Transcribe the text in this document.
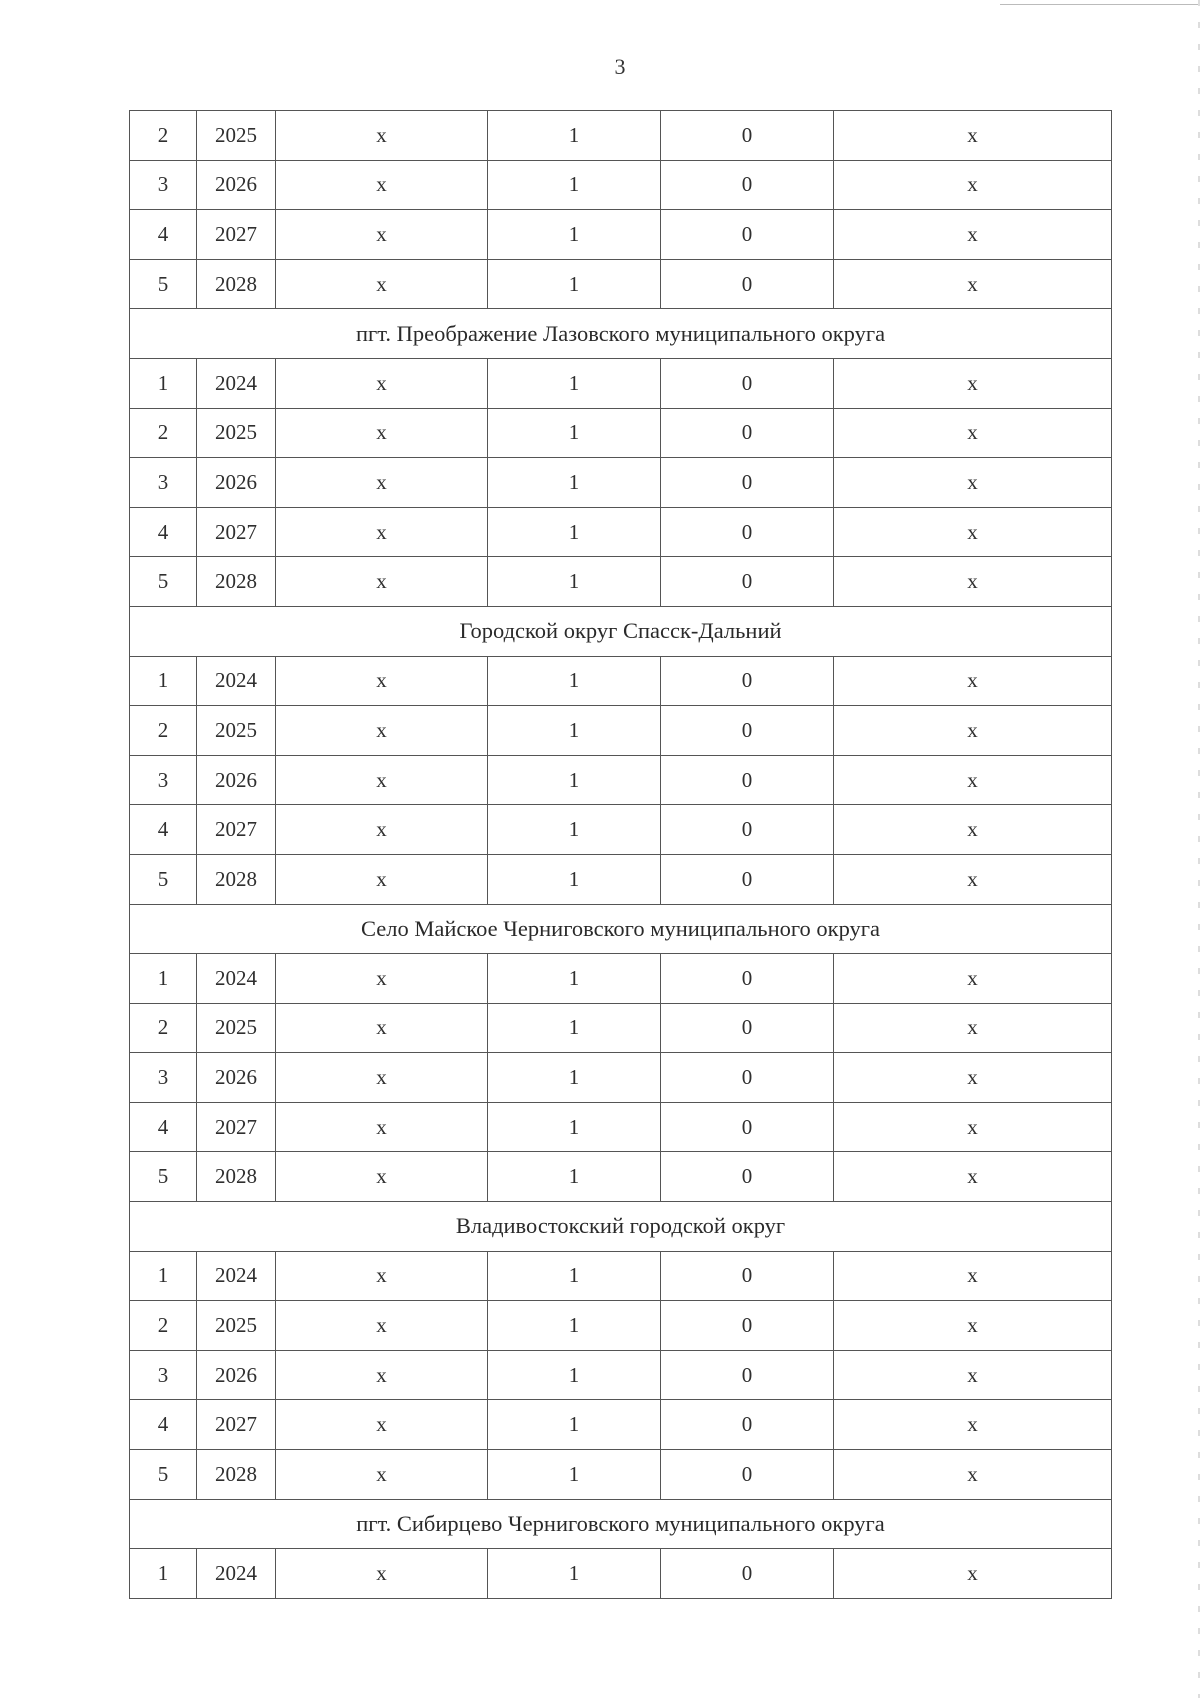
3
2	2025	x	1	0	x
3	2026	x	1	0	x
4	2027	x	1	0	x
5	2028	x	1	0	x
пгт. Преображение Лазовского муниципального округа					
1	2024	x	1	0	x
2	2025	x	1	0	x
3	2026	x	1	0	x
4	2027	x	1	0	x
5	2028	x	1	0	x
Городской округ Спасск-Дальний					
1	2024	x	1	0	x
2	2025	x	1	0	x
3	2026	x	1	0	x
4	2027	x	1	0	x
5	2028	x	1	0	x
Село Майское Черниговского муниципального округа					
1	2024	x	1	0	x
2	2025	x	1	0	x
3	2026	x	1	0	x
4	2027	x	1	0	x
5	2028	x	1	0	x
Владивостокский городской округ					
1	2024	x	1	0	x
2	2025	x	1	0	x
3	2026	x	1	0	x
4	2027	x	1	0	x
5	2028	x	1	0	x
пгт. Сибирцево Черниговского муниципального округа					
1	2024	x	1	0	x
